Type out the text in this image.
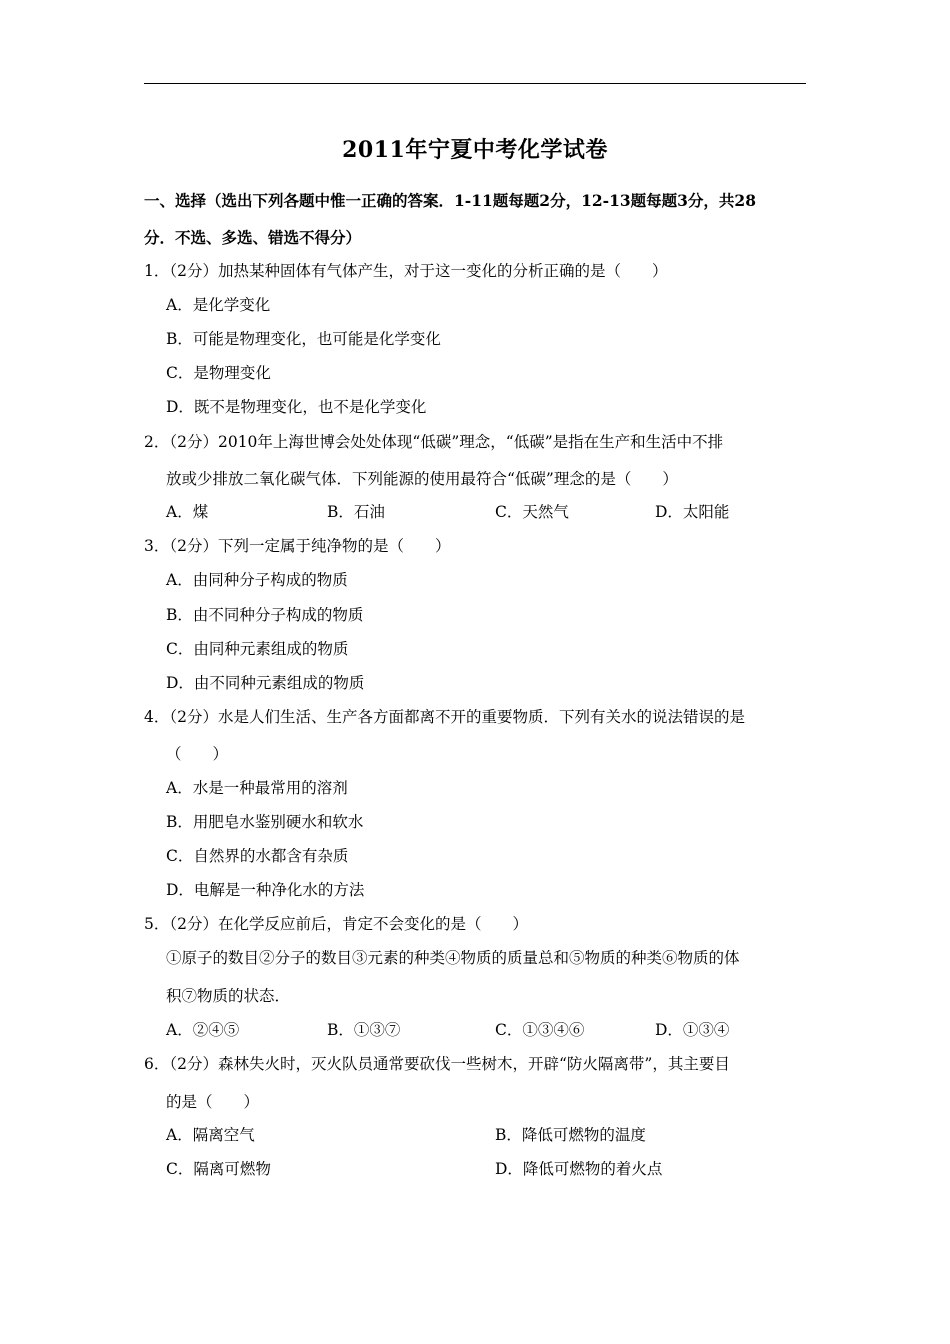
2011年宁夏中考化学试卷
一、选择（选出下列各题中惟一正确的答案．1-11题每题2分，12-13题每题3分，共28
分．不选、多选、错选不得分）
1．（2分）加热某种固体有气体产生，对于这一变化的分析正确的是（　　）
A．是化学变化
B．可能是物理变化，也可能是化学变化
C．是物理变化
D．既不是物理变化，也不是化学变化
2．（2分）2010年上海世博会处处体现“低碳”理念，“低碳”是指在生产和生活中不排
放或少排放二氧化碳气体．下列能源的使用最符合“低碳”理念的是（　　）
A．煤	B．石油	C．天然气	D．太阳能
3．（2分）下列一定属于纯净物的是（　　）
A．由同种分子构成的物质
B．由不同种分子构成的物质
C．由同种元素组成的物质
D．由不同种元素组成的物质
4．（2分）水是人们生活、生产各方面都离不开的重要物质．下列有关水的说法错误的是
（　　）
A．水是一种最常用的溶剂
B．用肥皂水鉴别硬水和软水
C．自然界的水都含有杂质
D．电解是一种净化水的方法
5．（2分）在化学反应前后，肯定不会变化的是（　　）
①原子的数目②分子的数目③元素的种类④物质的质量总和⑤物质的种类⑥物质的体
积⑦物质的状态．
A．②④⑤	B．①③⑦	C．①③④⑥	D．①③④
6．（2分）森林失火时，灭火队员通常要砍伐一些树木，开辟“防火隔离带”，其主要目
的是（　　）
A．隔离空气	B．降低可燃物的温度
C．隔离可燃物	D．降低可燃物的着火点
